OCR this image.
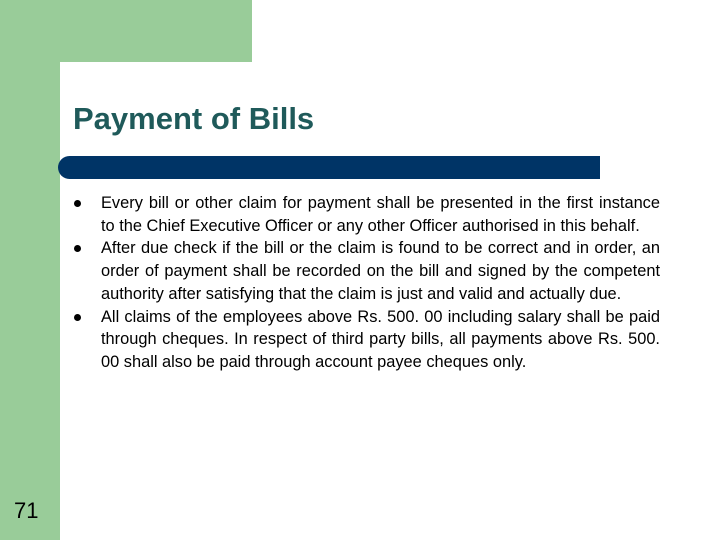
Payment of Bills
Every bill or other claim for payment shall be presented in the first instance to the Chief Executive Officer or any other Officer authorised in this behalf.
After due check if the bill or the claim is found to be correct and in order, an order of payment shall be recorded on the bill and signed by the competent authority after satisfying that the claim is just and valid and actually due.
All claims of the employees above Rs. 500. 00 including salary shall be paid through cheques. In respect of third party bills, all payments above Rs. 500. 00 shall also be paid through account payee cheques only.
71
